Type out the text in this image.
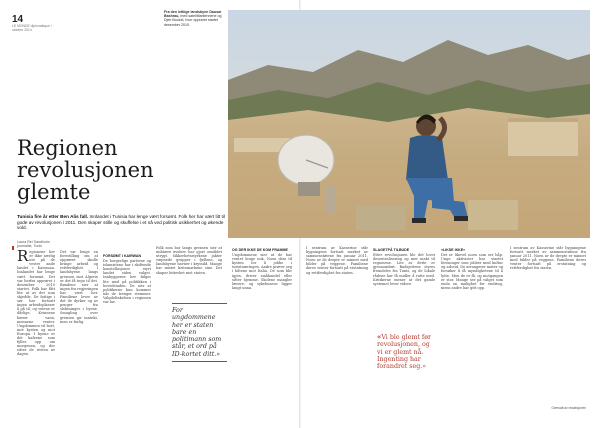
14
LE MONDE diplomatique / oktober 2014
Fra den lettlige landsbyen Dausar Bashrau, med satellittantennene og Djeb Bouzid, hvor opprøret startet desember 2010.
Regionen revolusjonen glemte
Tunisia fire år etter Ben Alis fall. Innlandet i Tunisia har lenge vært forsømt. Folk her har vært litt til gode av revolusjonen i 2011. Den skaper stille og skuffelse i et nå ved politisk usikkerhet og økende vold.
Laura Rei Sandholm
journalist, Tunis
Regionene her er ikke særlig ute på de vestre ande landet i Kairouan. Innlandet har lenge vært forsømt. Det var herfra opprøret i desember 2010 startet. Folk har fått lite ut av det som skjedde. De fattige i sør har fortsatt ingen arbeidsplasser å gå til, og veiene er dårlige. Kvinnene bærer vann, mennene venter. Ungdommen vil bort, mot kysten og mot Europa. I byene er det kafeene som fylles opp om morgenen, og der sitter de resten av dagen.
Det var lenge en forestilling om at opprøret skulle bringe arbeid og rettferdighet. I landsbyene langs grensen mot Algerie er det få tegn til det. Bøndene sier at ingen fra regjeringen har vært her. Familiene lever av det de dyrker og av penger fra slektninger i byene. Smugling over grensen gir inntekt, men er farlig.
FORSØMT I KAIRWAN
De borgerlige partiene og islamistene har i skiftende konstellasjoner styrt landet siden valget. Innbyggerne her følger lite med på politikken i hovedstaden. De sier at politikerne kun kommer når de trenger stemmer. Valgdeltakelsen i regionen var lav.
Folk som bor langs grensen sier at militære øvelser har gjort området utrygt. Sikkerhetsstyrkene jakter væpnede grupper i fjellene, og landsbyene havner i kryssild. Mange har mistet beitemarkene sine. Det skaper bitterhet mot staten.
For ungdommene her er staten bare en politimann som står, et ord på ID-kortet ditt.»
OG DER IKKE DE KOM FRAMME
Ungdommene sier at de har ventet lenge nok. Noen drar til kysten for å jobbe i turistnæringen. Andre prøver seg i båtene mot Italia. De som blir igjen, driver småhandel eller sitter hjemme. Skolene mangler lærere, og sykehusene ligger langt unna.
I sentrum av Kasserine står bygningene fortsatt merket av sammenstøtene fra januar 2011. Noen av de drepte er minnet med bilder på veggene. Familiene deres venter fortsatt på erstatning og rettferdighet fra staten.
SLAGETPÅ TILBUDE
Etter revolusjonen ble det lovet desentralisering og mer makt til regionene. Lite av dette er gjennomført. Budsjettene styres fremdeles fra Tunis, og de lokale rådene har få midler å rutte med. Kritikerne mener at det gamle systemet lever videre.
«Vi ble glemt før revolusjonen, og vi er glemt nå. Ingenting har forandret seg.»
«LIKSE IKKE»
Det er likevel noen som ser håp. Unge aktivister har startet foreninger som jobber med kultur og arbeid. De arrangerer møter og forsøker å få myndighetene til å lytte. Men de er få, og motgangen er stor. Mange ser på valget som enda en mulighet for endring, mens andre har gitt opp.
I sentrum av Kasserine står bygningene fortsatt merket av sammenstøtene fra januar 2011. Noen av de drepte er minnet med bilder på veggene. Familiene deres venter fortsatt på erstatning og rettferdighet fra staten.
Oversatt av redaksjonen
